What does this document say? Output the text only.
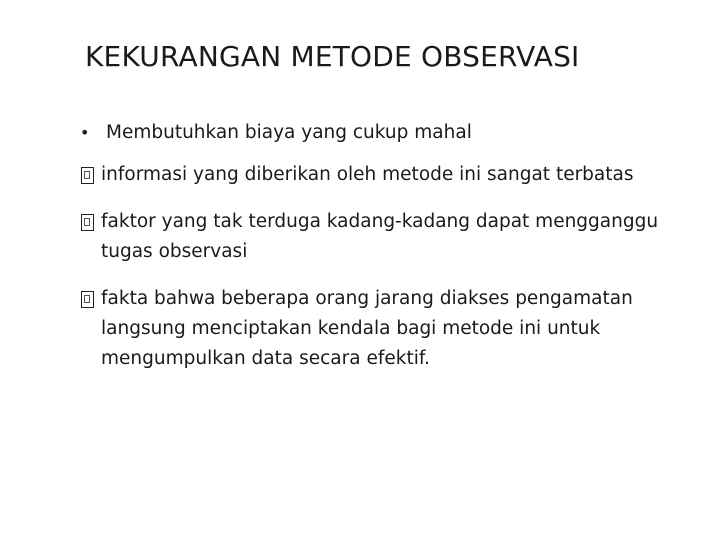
KEKURANGAN METODE OBSERVASI
• Membutuhkan biaya yang cukup mahal
informasi yang diberikan oleh metode ini sangat terbatas
faktor yang tak terduga kadang-kadang dapat mengganggu tugas observasi
fakta bahwa beberapa orang jarang diakses pengamatan langsung menciptakan kendala bagi metode ini untuk mengumpulkan data secara efektif.
